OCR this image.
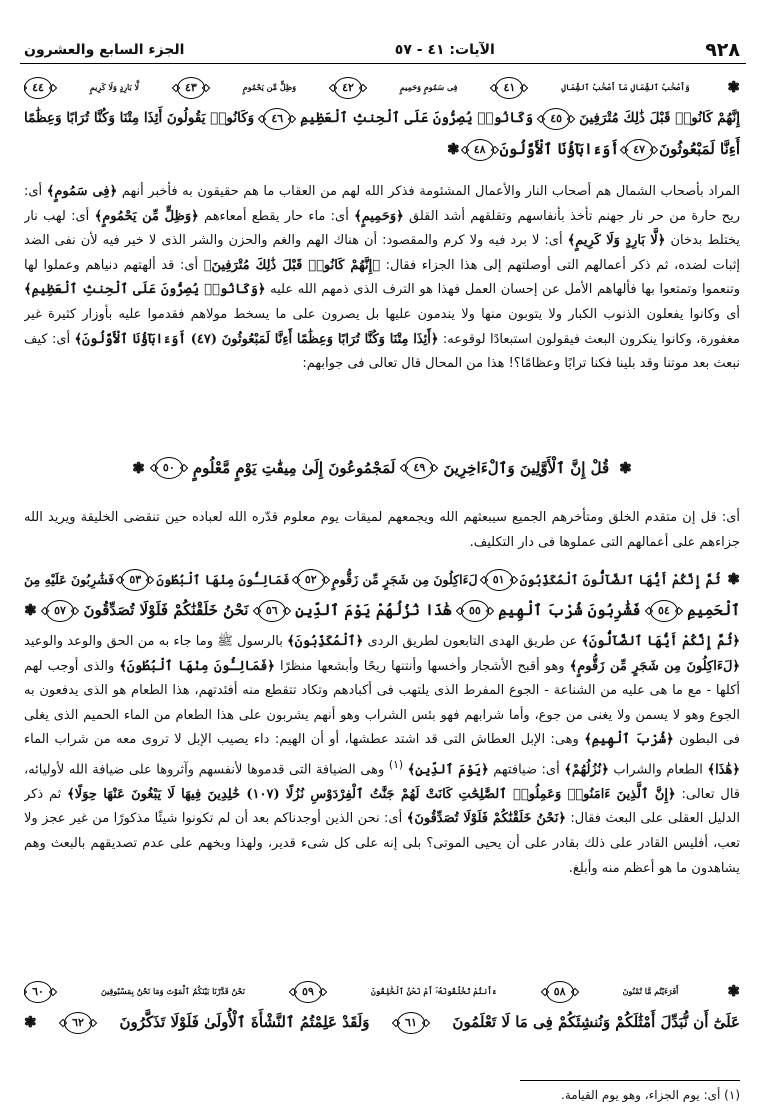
٩٢٨
الآيات: ٤١ - ٥٧
الجزء السابع والعشرون
❃
وَأَصْحَٰبُ ٱلشِّمَالِ مَآ أَصْحَٰبُ ٱلشِّمَالِ
٤١
فِى سَمُومٍ وَحَمِيمٍ
٤٢
وَظِلٍّ مِّن يَحْمُومٍ
٤٣
لَّا بَارِدٍ وَلَا كَرِيمٍ
٤٤
إِنَّهُمْ كَانُوا۟ قَبْلَ ذَٰلِكَ مُتْرَفِينَ
٤٥
وَكَانُوا۟ يُصِرُّونَ عَلَى ٱلْحِنثِ ٱلْعَظِيمِ
٤٦
وَكَانُوا۟ يَقُولُونَ أَئِذَا مِتْنَا وَكُنَّا تُرَابًا وَعِظَٰمًا
أَءِنَّا لَمَبْعُوثُونَ
٤٧
أَوَءَابَآؤُنَا ٱلْأَوَّلُونَ
٤٨
❃
المراد بأصحاب الشمال هم أصحاب النار والأعمال المشئومة فذكر الله لهم من العقاب ما هم حقيقون به فأخبر أنهم ﴿فِى سَمُومٍ﴾ أى: ريح حارة من حر نار جهنم تأخذ بأنفاسهم وتقلقهم أشد القلق ﴿وَحَمِيمٍ﴾ أى: ماء حار يقطع أمعاءهم ﴿وَظِلٍّ مِّن يَحْمُومٍ﴾ أى: لهب نار يختلط بدخان ﴿لَّا بَارِدٍ وَلَا كَرِيمٍ﴾ أى: لا برد فيه ولا كرم والمقصود: أن هناك الهم والغم والحزن والشر الذى لا خير فيه لأن نفى الضد إثبات لضده، ثم ذكر أعمالهم التى أوصلتهم إلى هذا الجزاء فقال: ﴿إِنَّهُمْ كَانُوا۟ قَبْلَ ذَٰلِكَ مُتْرَفِينَ﴾ أى: قد ألهتهم دنياهم وعملوا لها وتنعموا وتمتعوا بها فألهاهم الأمل عن إحسان العمل فهذا هو الترف الذى ذمهم الله عليه ﴿وَكَانُوا۟ يُصِرُّونَ عَلَى ٱلْحِنثِ ٱلْعَظِيمِ﴾ أى وكانوا يفعلون الذنوب الكبار ولا يتوبون منها ولا يندمون عليها بل يصرون على ما يسخط مولاهم فقدموا عليه بأوزار كثيرة غير مغفورة، وكانوا ينكرون البعث فيقولون استبعادًا لوقوعه: ﴿أَئِذَا مِتْنَا وَكُنَّا تُرَابًا وَعِظَٰمًا أَءِنَّا لَمَبْعُوثُونَ (٤٧) أَوَءَابَآؤُنَا ٱلْأَوَّلُونَ﴾ أى: كيف نبعث بعد موتنا وقد بلينا فكنا ترابًا وعظامًا؟! هذا من المحال قال تعالى فى جوابهم:
❃
قُلْ إِنَّ ٱلْأَوَّلِينَ وَٱلْءَاخِرِينَ
٤٩
لَمَجْمُوعُونَ إِلَىٰ مِيقَٰتِ يَوْمٍ مَّعْلُومٍ
٥٠
❃
أى: قل إن متقدم الخلق ومتأخرهم الجميع سيبعثهم الله ويجمعهم لميقات يوم معلوم قدّره الله لعباده حين تنقضى الخليقة ويريد الله جزاءهم على أعمالهم التى عملوها فى دار التكليف.
❃
ثُمَّ إِنَّكُمْ أَيُّهَا ٱلضَّآلُّونَ ٱلْمُكَذِّبُونَ
٥١
لَءَاكِلُونَ مِن شَجَرٍ مِّن زَقُّومٍ
٥٢
فَمَالِـُٔونَ مِنْهَا ٱلْبُطُونَ
٥٣
فَشَٰرِبُونَ عَلَيْهِ مِنَ
ٱلْحَمِيمِ
٥٤
فَشَٰرِبُونَ شُرْبَ ٱلْهِيمِ
٥٥
هَٰذَا نُزُلُهُمْ يَوْمَ ٱلدِّينِ
٥٦
نَحْنُ خَلَقْنَٰكُمْ فَلَوْلَا تُصَدِّقُونَ
٥٧
❃
﴿ثُمَّ إِنَّكُمْ أَيُّهَا ٱلضَّآلُّونَ﴾ عن طريق الهدى التابعون لطريق الردى ﴿ٱلْمُكَذِّبُونَ﴾ بالرسول ﷺ وما جاء به من الحق والوعد والوعيد ﴿لَءَاكِلُونَ مِن شَجَرٍ مِّن زَقُّومٍ﴾ وهو أقبح الأشجار وأخسها وأنتنها ريحًا وأبشعها منظرًا ﴿فَمَالِـُٔونَ مِنْهَا ٱلْبُطُونَ﴾ والذى أوجب لهم أكلها - مع ما هى عليه من الشناعة - الجوع المفرط الذى يلتهب فى أكبادهم وتكاد تتقطع منه أفئدتهم، هذا الطعام هو الذى يدفعون به الجوع وهو لا يسمن ولا يغنى من جوع، وأما شرابهم فهو بئس الشراب وهو أنهم يشربون على هذا الطعام من الماء الحميم الذى يغلى فى البطون ﴿شُرْبَ ٱلْهِيمِ﴾ وهى: الإبل العطاش التى قد اشتد عطشها، أو أن الهيم: داء يصيب الإبل لا تروى معه من شراب الماء ﴿هَٰذَا﴾ الطعام والشراب ﴿نُزُلُهُمْ﴾ أى: ضيافتهم ﴿يَوْمَ ٱلدِّينِ﴾ $^{(١)}$ وهى الضيافة التى قدموها لأنفسهم وآثروها على ضيافة الله لأوليائه، قال تعالى: ﴿إِنَّ ٱلَّذِينَ ءَامَنُوا۟ وَعَمِلُوا۟ ٱلصَّٰلِحَٰتِ كَانَتْ لَهُمْ جَنَّٰتُ ٱلْفِرْدَوْسِ نُزُلًا (١٠٧) خَٰلِدِينَ فِيهَا لَا يَبْغُونَ عَنْهَا حِوَلًا﴾ ثم ذكر الدليل العقلى على البعث فقال: ﴿نَحْنُ خَلَقْنَٰكُمْ فَلَوْلَا تُصَدِّقُونَ﴾ أى: نحن الذين أوجدناكم بعد أن لم تكونوا شيئًا مذكورًا من غير عجز ولا تعب، أفليس القادر على ذلك بقادر على أن يحيى الموتى؟ بلى إنه على كل شىء قدير، ولهذا وبخهم على عدم تصديقهم بالبعث وهم يشاهدون ما هو أعظم منه وأبلغ.
❃
أَفَرَءَيْتُم مَّا تُمْنُونَ
٥٨
ءَأَنتُمْ تَخْلُقُونَهُۥٓ أَمْ نَحْنُ ٱلْخَٰلِقُونَ
٥٩
نَحْنُ قَدَّرْنَا بَيْنَكُمُ ٱلْمَوْتَ وَمَا نَحْنُ بِمَسْبُوقِينَ
٦٠
عَلَىٰٓ أَن نُّبَدِّلَ أَمْثَٰلَكُمْ وَنُنشِئَكُمْ فِى مَا لَا تَعْلَمُونَ
٦١
وَلَقَدْ عَلِمْتُمُ ٱلنَّشْأَةَ ٱلْأُولَىٰ فَلَوْلَا تَذَكَّرُونَ
٦٢
❃
(١) أى: يوم الجزاء، وهو يوم القيامة.
